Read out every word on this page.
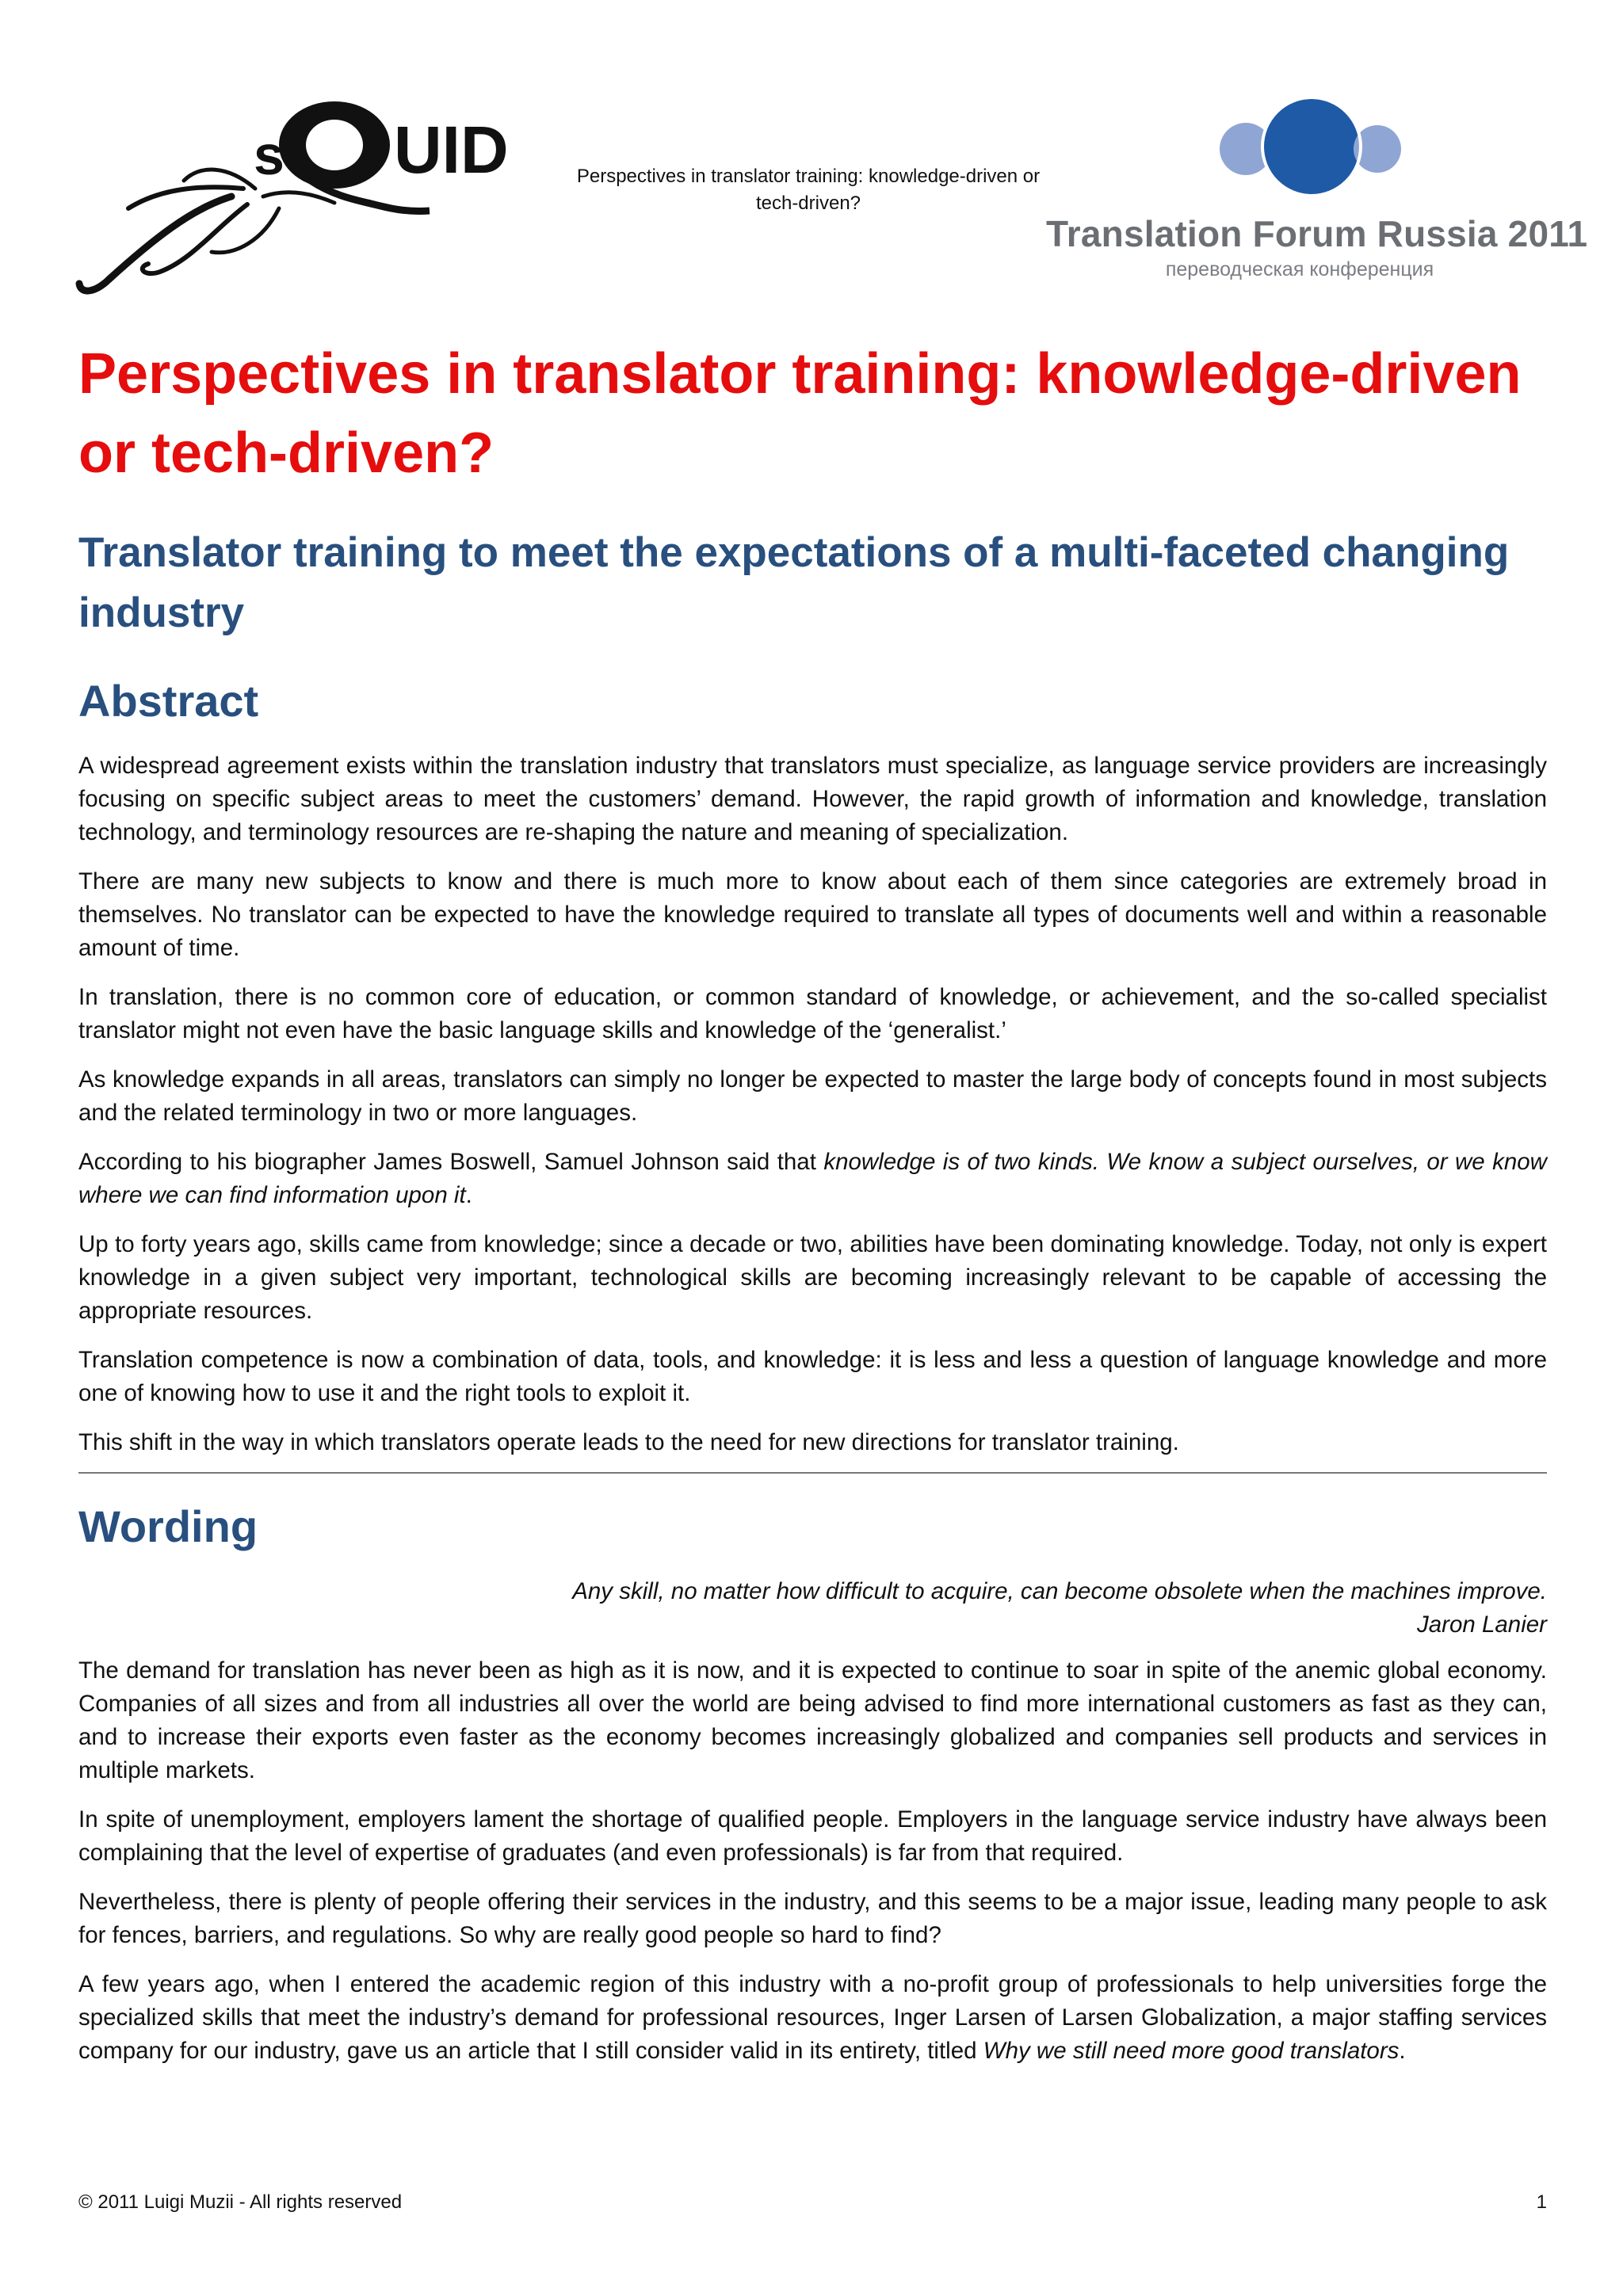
s UID	Perspectives in translator training: knowledge-driven or tech-driven?
Translation Forum Russia 2011
переводческая конференция
Perspectives in translator training: knowledge-driven or tech-driven?
Translator training to meet the expectations of a multi-faceted changing industry
Abstract

A widespread agreement exists within the translation industry that translators must specialize, as language service providers are increasingly focusing on specific subject areas to meet the customers’ demand. However, the rapid growth of information and knowledge, translation technology, and terminology resources are re-shaping the nature and meaning of specialization.

There are many new subjects to know and there is much more to know about each of them since categories are extremely broad in themselves. No translator can be expected to have the knowledge required to translate all types of documents well and within a reasonable amount of time.

In translation, there is no common core of education, or common standard of knowledge, or achievement, and the so-called specialist translator might not even have the basic language skills and knowledge of the ‘generalist.’

As knowledge expands in all areas, translators can simply no longer be expected to master the large body of concepts found in most subjects and the related terminology in two or more languages.

According to his biographer James Boswell, Samuel Johnson said that knowledge is of two kinds. We know a subject ourselves, or we know where we can find information upon it.

Up to forty years ago, skills came from knowledge; since a decade or two, abilities have been dominating knowledge. Today, not only is expert knowledge in a given subject very important, technological skills are becoming increasingly relevant to be capable of accessing the appropriate resources.

Translation competence is now a combination of data, tools, and knowledge: it is less and less a question of language knowledge and more one of knowing how to use it and the right tools to exploit it.

This shift in the way in which translators operate leads to the need for new directions for translator training.

Wording
Any skill, no matter how difficult to acquire, can become obsolete when the machines improve.
Jaron Lanier

The demand for translation has never been as high as it is now, and it is expected to continue to soar in spite of the anemic global economy. Companies of all sizes and from all industries all over the world are being advised to find more international customers as fast as they can, and to increase their exports even faster as the economy becomes increasingly globalized and companies sell products and services in multiple markets.

In spite of unemployment, employers lament the shortage of qualified people. Employers in the language service industry have always been complaining that the level of expertise of graduates (and even professionals) is far from that required.

Nevertheless, there is plenty of people offering their services in the industry, and this seems to be a major issue, leading many people to ask for fences, barriers, and regulations. So why are really good people so hard to find?

A few years ago, when I entered the academic region of this industry with a no-profit group of professionals to help universities forge the specialized skills that meet the industry’s demand for professional resources, Inger Larsen of Larsen Globalization, a major staffing services company for our industry, gave us an article that I still consider valid in its entirety, titled Why we still need more good translators.

© 2011 Luigi Muzii - All rights reserved	1
